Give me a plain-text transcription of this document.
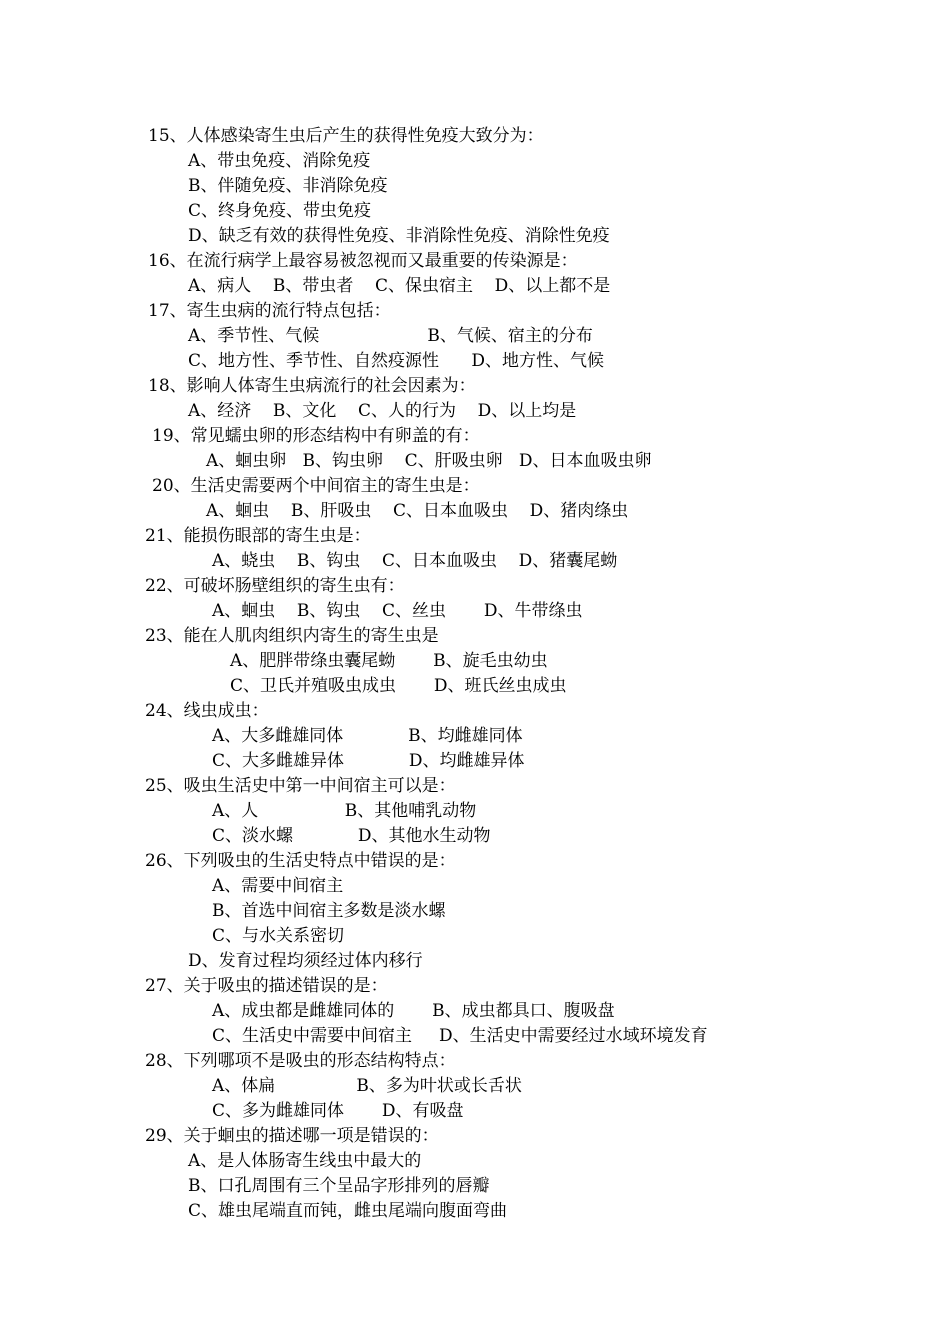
15、人体感染寄生虫后产生的获得性免疫大致分为：
A、带虫免疫、消除免疫
B、伴随免疫、非消除免疫
C、终身免疫、带虫免疫
D、缺乏有效的获得性免疫、非消除性免疫、消除性免疫
16、在流行病学上最容易被忽视而又最重要的传染源是：
A、病人    B、带虫者    C、保虫宿主    D、以上都不是
17、寄生虫病的流行特点包括：
A、季节性、气候                    B、气候、宿主的分布
C、地方性、季节性、自然疫源性      D、地方性、气候
18、影响人体寄生虫病流行的社会因素为：
A、经济    B、文化    C、人的行为    D、以上均是
19、常见蠕虫卵的形态结构中有卵盖的有：
A、蛔虫卵   B、钩虫卵    C、肝吸虫卵   D、日本血吸虫卵
20、生活史需要两个中间宿主的寄生虫是：
A、蛔虫    B、肝吸虫    C、日本血吸虫    D、猪肉绦虫
21、能损伤眼部的寄生虫是：
A、蛲虫    B、钩虫    C、日本血吸虫    D、猪囊尾蚴
22、可破坏肠壁组织的寄生虫有：
A、蛔虫    B、钩虫    C、丝虫       D、牛带绦虫
23、能在人肌肉组织内寄生的寄生虫是
A、肥胖带绦虫囊尾蚴       B、旋毛虫幼虫
C、卫氏并殖吸虫成虫       D、班氏丝虫成虫
24、线虫成虫：
A、大多雌雄同体            B、均雌雄同体
C、大多雌雄异体            D、均雌雄异体
25、吸虫生活史中第一中间宿主可以是：
A、人                B、其他哺乳动物
C、淡水螺            D、其他水生动物
26、下列吸虫的生活史特点中错误的是：
A、需要中间宿主
B、首选中间宿主多数是淡水螺
C、与水关系密切
D、发育过程均须经过体内移行
27、关于吸虫的描述错误的是：
A、成虫都是雌雄同体的       B、成虫都具口、腹吸盘
C、生活史中需要中间宿主     D、生活史中需要经过水域环境发育
28、下列哪项不是吸虫的形态结构特点：
A、体扁               B、多为叶状或长舌状
C、多为雌雄同体       D、有吸盘
29、关于蛔虫的描述哪一项是错误的：
A、是人体肠寄生线虫中最大的
B、口孔周围有三个呈品字形排列的唇瓣
C、雄虫尾端直而钝，雌虫尾端向腹面弯曲
